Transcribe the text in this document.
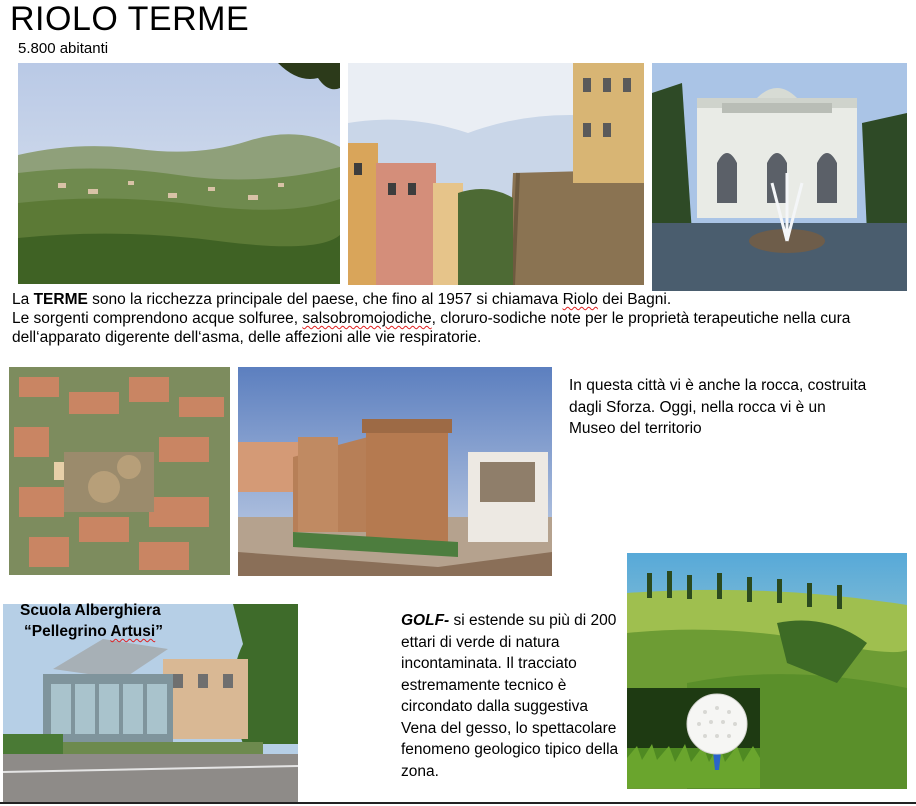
RIOLO TERME
5.800 abitanti
La TERME sono la ricchezza principale del paese, che fino al 1957 si chiamava Riolo dei Bagni.
Le sorgenti comprendono acque solfuree, salsobromojodiche, cloruro-sodiche note per le proprietà terapeutiche nella cura dell‘apparato digerente dell‘asma, delle affezioni alle vie respiratorie.
In questa città vi è anche la rocca, costruita dagli Sforza. Oggi, nella rocca vi è un Museo del territorio
Scuola Alberghiera
“Pellegrino Artusi”
GOLF- si estende su più di 200 ettari di verde di natura incontaminata. Il tracciato estremamente tecnico è circondato dalla suggestiva Vena del gesso, lo spettacolare fenomeno geologico tipico della zona.
